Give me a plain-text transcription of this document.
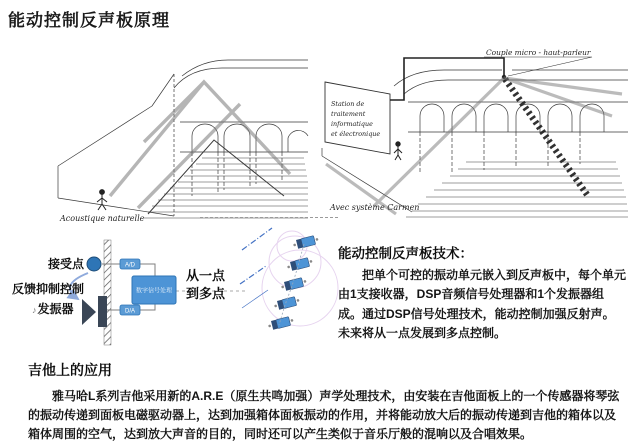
能动控制反声板原理
Acoustique naturelle
Station de
traitement
informatique
et électronique
Couple micro - haut-parleur
Avec système Carmen
A/D
数字信号处理
D/A
接受点
反馈抑制控制
♪发振器
从一点
到多点

能动控制反声板技术：

把单个可控的振动单元嵌入到反声板中，每个单元由1支接收器，DSP音频信号处理器和1个发振器组成。通过DSP信号处理技术，能动控制加强反射声。未来将从一点发展到多点控制。

吉他上的应用

雅马哈L系列吉他采用新的A.R.E（原生共鸣加强）声学处理技术，由安装在吉他面板上的一个传感器将琴弦的振动传递到面板电磁驱动器上，达到加强箱体面板振动的作用，并将能动放大后的振动传递到吉他的箱体以及箱体周围的空气，达到放大声音的目的，同时还可以产生类似于音乐厅般的混响以及合唱效果。
